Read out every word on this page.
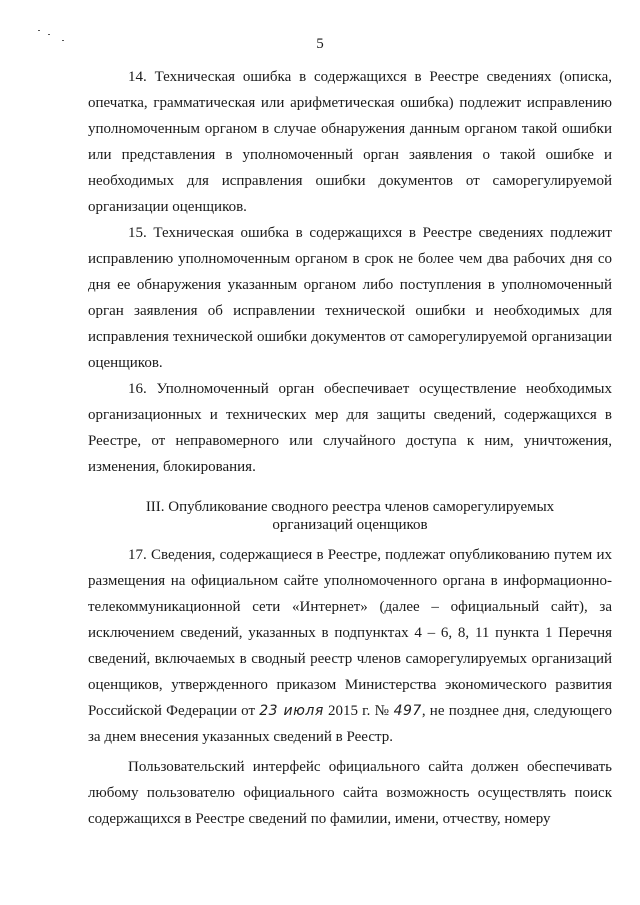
5

14. Техническая ошибка в содержащихся в Реестре сведениях (описка, опечатка, грамматическая или арифметическая ошибка) подлежит исправлению уполномоченным органом в случае обнаружения данным органом такой ошибки или представления в уполномоченный орган заявления о такой ошибке и необходимых для исправления ошибки документов от саморегулируемой организации оценщиков.

15. Техническая ошибка в содержащихся в Реестре сведениях подлежит исправлению уполномоченным органом в срок не более чем два рабочих дня со дня ее обнаружения указанным органом либо поступления в уполномоченный орган заявления об исправлении технической ошибки и необходимых для исправления технической ошибки документов от саморегулируемой организации оценщиков.

16. Уполномоченный орган обеспечивает осуществление необходимых организационных и технических мер для защиты сведений, содержащихся в Реестре, от неправомерного или случайного доступа к ним, уничтожения, изменения, блокирования.

III. Опубликование сводного реестра членов саморегулируемых
организаций оценщиков

17. Сведения, содержащиеся в Реестре, подлежат опубликованию путем их размещения на официальном сайте уполномоченного органа в информационно-телекоммуникационной сети «Интернет» (далее – официальный сайт), за исключением сведений, указанных в подпунктах 4 – 6, 8, 11 пункта 1 Перечня сведений, включаемых в сводный реестр членов саморегулируемых организаций оценщиков, утвержденного приказом Министерства экономического развития Российской Федерации от 23 июля 2015 г. № 497, не позднее дня, следующего за днем внесения указанных сведений в Реестр.

Пользовательский интерфейс официального сайта должен обеспечивать любому пользователю официального сайта возможность осуществлять поиск содержащихся в Реестре сведений по фамилии, имени, отчеству, номеру
